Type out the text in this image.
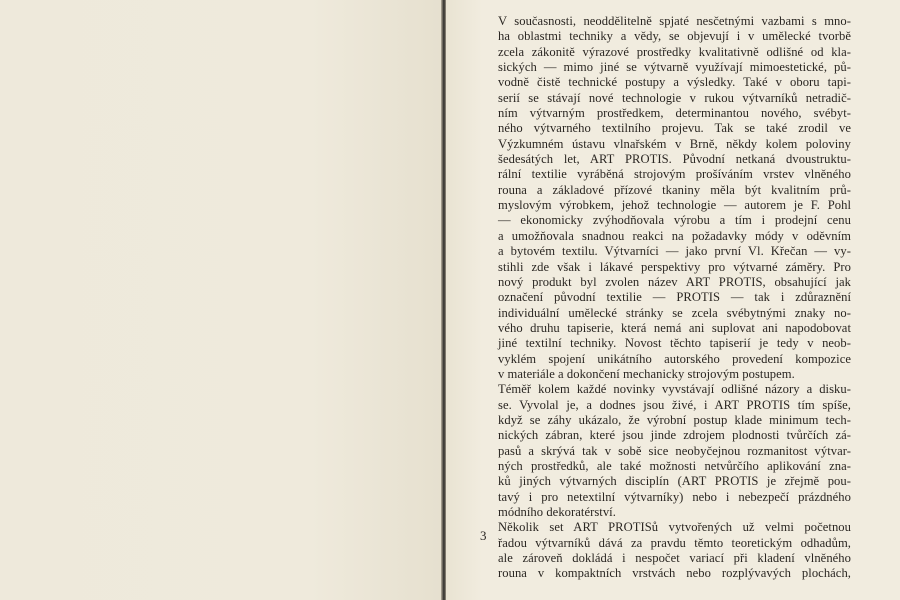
V současnosti, neoddělitelně spjaté nesčetnými vazbami s mno-
ha oblastmi techniky a vědy, se objevují i v umělecké tvorbě
zcela zákonitě výrazové prostředky kvalitativně odlišné od kla-
sických — mimo jiné se výtvarně využívají mimoestetické, pů-
vodně čistě technické postupy a výsledky. Také v oboru tapi-
serií se stávají nové technologie v rukou výtvarníků netradič-
ním výtvarným prostředkem, determinantou nového, svébyt-
ného výtvarného textilního projevu. Tak se také zrodil ve
Výzkumném ústavu vlnařském v Brně, někdy kolem poloviny
šedesátých let, ART PROTIS. Původní netkaná dvoustruktu-
rální textilie vyráběná strojovým prošíváním vrstev vlněného
rouna a základové přízové tkaniny měla být kvalitním prů-
myslovým výrobkem, jehož technologie — autorem je F. Pohl
— ekonomicky zvýhodňovala výrobu a tím i prodejní cenu
a umožňovala snadnou reakci na požadavky módy v oděvním
a bytovém textilu. Výtvarníci — jako první Vl. Křečan — vy-
stihli zde však i lákavé perspektivy pro výtvarné záměry. Pro
nový produkt byl zvolen název ART PROTIS, obsahující jak
označení původní textilie — PROTIS — tak i zdůraznění
individuální umělecké stránky se zcela svébytnými znaky no-
vého druhu tapiserie, která nemá ani suplovat ani napodobovat
jiné textilní techniky. Novost těchto tapiserií je tedy v neob-
vyklém spojení unikátního autorského provedení kompozice
v materiále a dokončení mechanicky strojovým postupem.
Téměř kolem každé novinky vyvstávají odlišné názory a disku-
se. Vyvolal je, a dodnes jsou živé, i ART PROTIS tím spíše,
když se záhy ukázalo, že výrobní postup klade minimum tech-
nických zábran, které jsou jinde zdrojem plodnosti tvůrčích zá-
pasů a skrývá tak v sobě sice neobyčejnou rozmanitost výtvar-
ných prostředků, ale také možnosti netvůrčího aplikování zna-
ků jiných výtvarných disciplín (ART PROTIS je zřejmě pou-
tavý i pro netextilní výtvarníky) nebo i nebezpečí prázdného
módního dekoratérství.
Několik set ART PROTISů vytvořených už velmi početnou
řadou výtvarníků dává za pravdu těmto teoretickým odhadům,
ale zároveň dokládá i nespočet variací při kladení vlněného
rouna v kompaktních vrstvách nebo rozplývavých plochách,
3
